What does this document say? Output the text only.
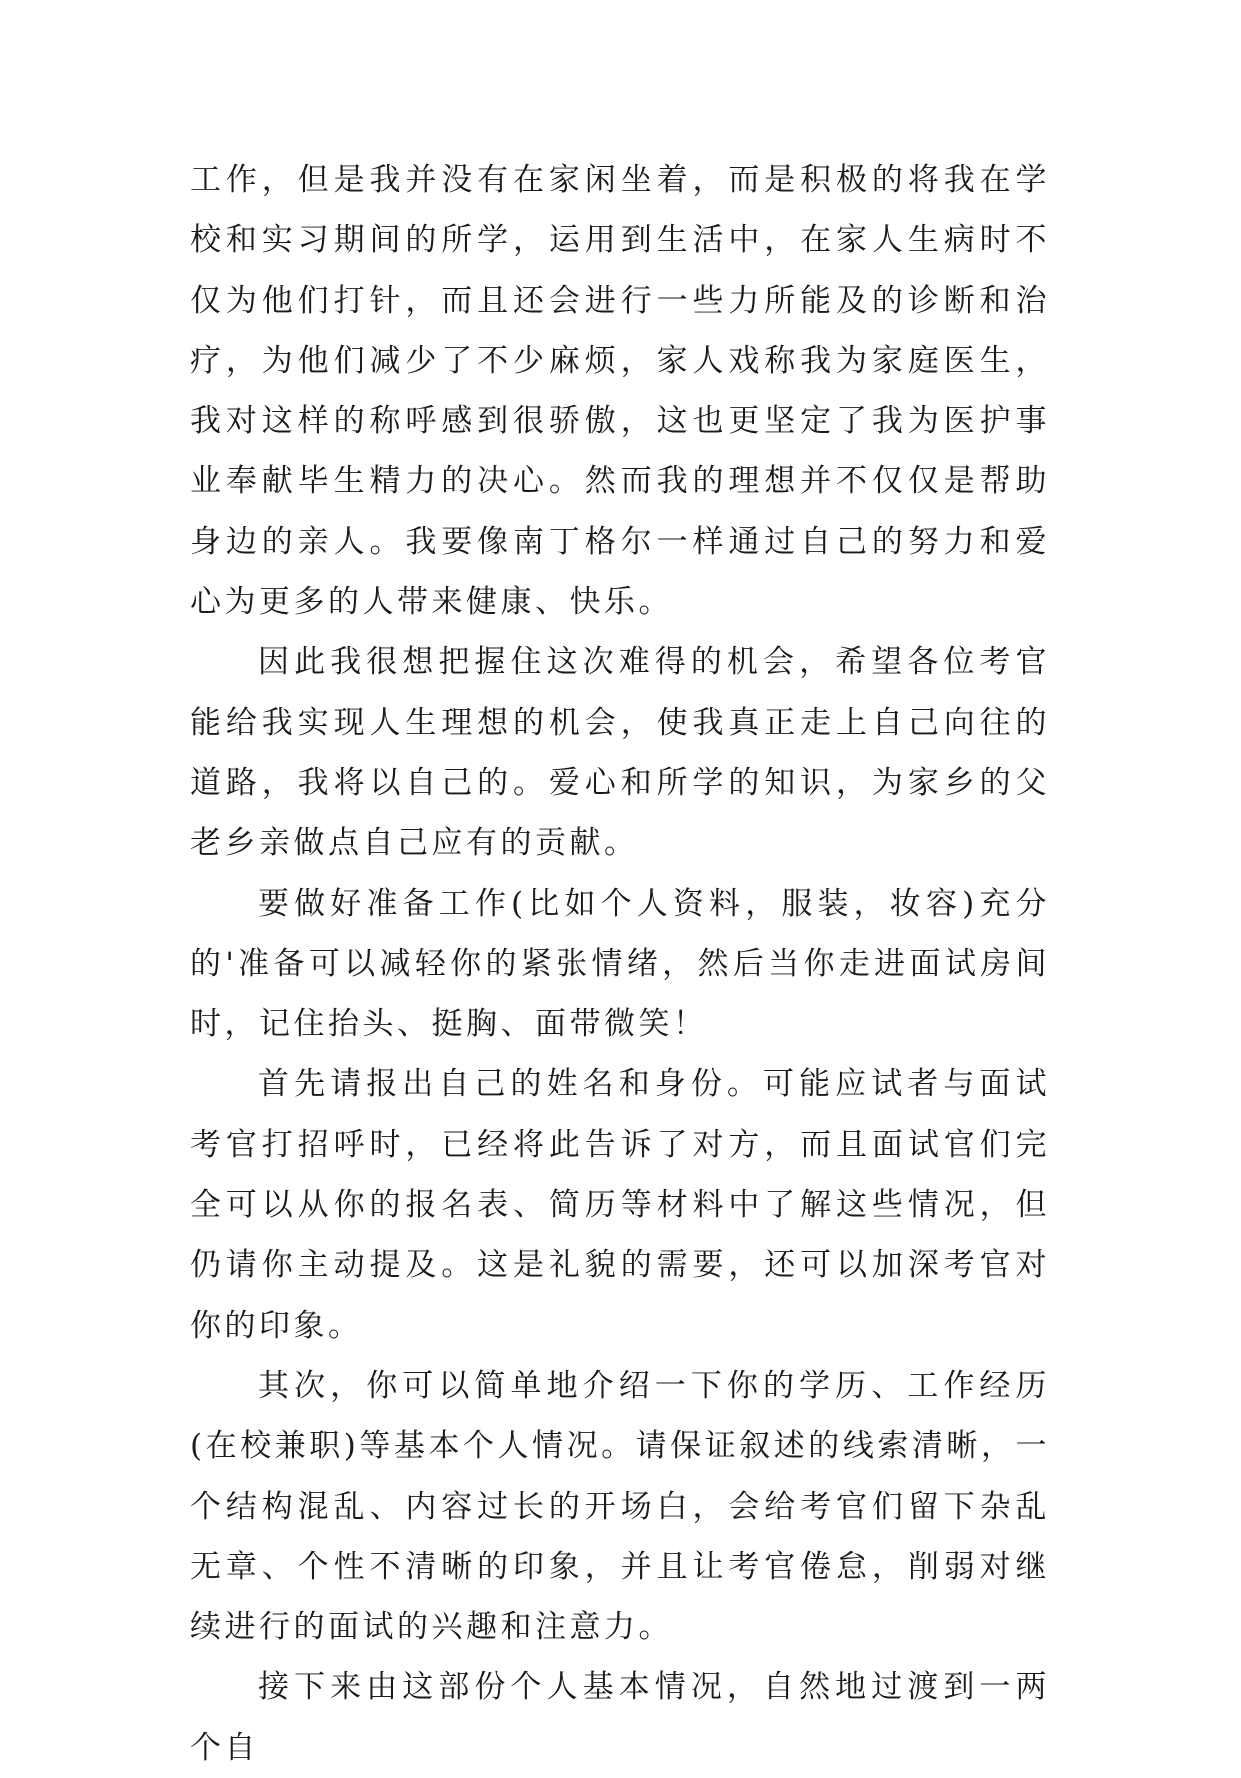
工作，但是我并没有在家闲坐着，而是积极的将我在学校和实习期间的所学，运用到生活中，在家人生病时不仅为他们打针，而且还会进行一些力所能及的诊断和治疗，为他们减少了不少麻烦，家人戏称我为家庭医生，我对这样的称呼感到很骄傲，这也更坚定了我为医护事业奉献毕生精力的决心。然而我的理想并不仅仅是帮助身边的亲人。我要像南丁格尔一样通过自己的努力和爱心为更多的人带来健康、快乐。

因此我很想把握住这次难得的机会，希望各位考官能给我实现人生理想的机会，使我真正走上自己向往的道路，我将以自己的。爱心和所学的知识，为家乡的父老乡亲做点自己应有的贡献。

要做好准备工作(比如个人资料，服装，妆容)充分的'准备可以减轻你的紧张情绪，然后当你走进面试房间时，记住抬头、挺胸、面带微笑！

首先请报出自己的姓名和身份。可能应试者与面试考官打招呼时，已经将此告诉了对方，而且面试官们完全可以从你的报名表、简历等材料中了解这些情况，但仍请你主动提及。这是礼貌的需要，还可以加深考官对你的印象。

其次，你可以简单地介绍一下你的学历、工作经历(在校兼职)等基本个人情况。请保证叙述的线索清晰，一个结构混乱、内容过长的开场白，会给考官们留下杂乱无章、个性不清晰的印象，并且让考官倦怠，削弱对继续进行的面试的兴趣和注意力。

接下来由这部份个人基本情况，自然地过渡到一两个自
